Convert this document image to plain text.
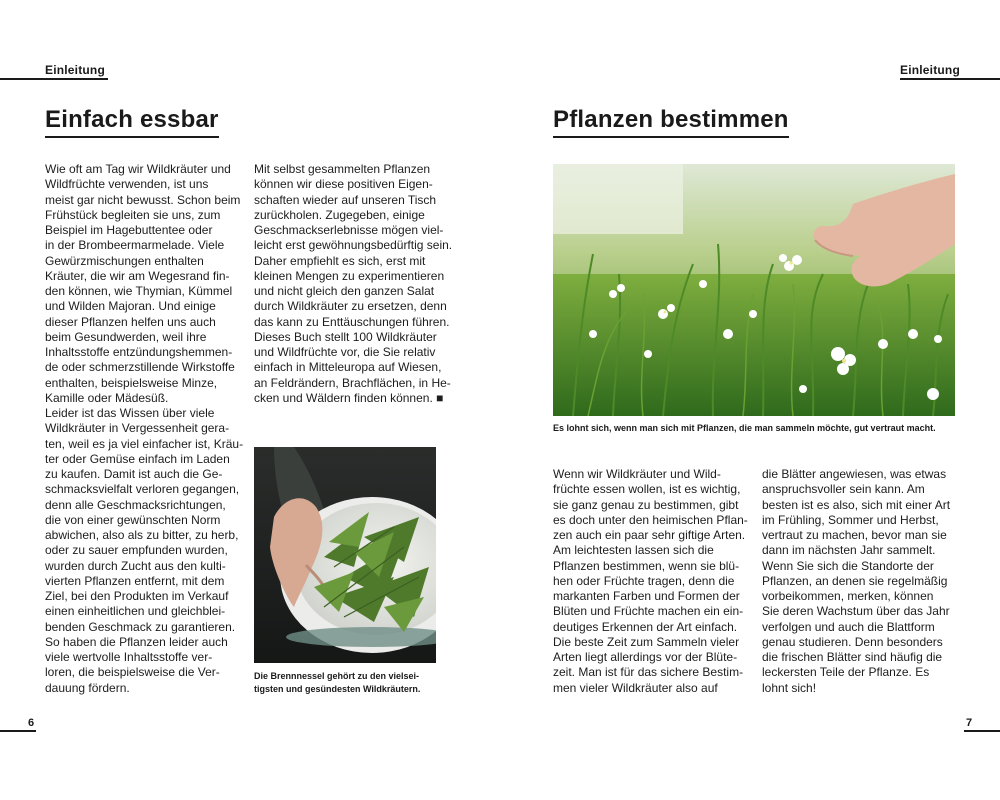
Einleitung
Einfach essbar
Wie oft am Tag wir Wildkräuter und
Wildfrüchte verwenden, ist uns
meist gar nicht bewusst. Schon beim
Frühstück begleiten sie uns, zum
Beispiel im Hagebuttentee oder
in der Brombeermarmelade. Viele
Gewürzmischungen enthalten
Kräuter, die wir am Wegesrand fin-
den können, wie Thymian, Kümmel
und Wilden Majoran. Und einige
dieser Pflanzen helfen uns auch
beim Gesundwerden, weil ihre
Inhaltsstoffe entzündungshemmen-
de oder schmerzstillende Wirkstoffe
enthalten, beispielsweise Minze,
Kamille oder Mädesüß.
Leider ist das Wissen über viele
Wildkräuter in Vergessenheit gera-
ten, weil es ja viel einfacher ist, Kräu-
ter oder Gemüse einfach im Laden
zu kaufen. Damit ist auch die Ge-
schmacksvielfalt verloren gegangen,
denn alle Geschmacksrichtungen,
die von einer gewünschten Norm
abwichen, also als zu bitter, zu herb,
oder zu sauer empfunden wurden,
wurden durch Zucht aus den kulti-
vierten Pflanzen entfernt, mit dem
Ziel, bei den Produkten im Verkauf
einen einheitlichen und gleichblei-
benden Geschmack zu garantieren.
So haben die Pflanzen leider auch
viele wertvolle Inhaltsstoffe ver-
loren, die beispielsweise die Ver-
dauung fördern.
Mit selbst gesammelten Pflanzen
können wir diese positiven Eigen-
schaften wieder auf unseren Tisch
zurückholen. Zugegeben, einige
Geschmackserlebnisse mögen viel-
leicht erst gewöhnungsbedürftig sein.
Daher empfiehlt es sich, erst mit
kleinen Mengen zu experimentieren
und nicht gleich den ganzen Salat
durch Wildkräuter zu ersetzen, denn
das kann zu Enttäuschungen führen.
Dieses Buch stellt 100 Wildkräuter
und Wildfrüchte vor, die Sie relativ
einfach in Mitteleuropa auf Wiesen,
an Feldrändern, Brachflächen, in He-
cken und Wäldern finden können. ■
Die Brennnessel gehört zu den vielsei-
tigsten und gesündesten Wildkräutern.
6
Einleitung
Pflanzen bestimmen
Es lohnt sich, wenn man sich mit Pflanzen, die man sammeln möchte, gut vertraut macht.
Wenn wir Wildkräuter und Wild-
früchte essen wollen, ist es wichtig,
sie ganz genau zu bestimmen, gibt
es doch unter den heimischen Pflan-
zen auch ein paar sehr giftige Arten.
Am leichtesten lassen sich die
Pflanzen bestimmen, wenn sie blü-
hen oder Früchte tragen, denn die
markanten Farben und Formen der
Blüten und Früchte machen ein ein-
deutiges Erkennen der Art einfach.
Die beste Zeit zum Sammeln vieler
Arten liegt allerdings vor der Blüte-
zeit. Man ist für das sichere Bestim-
men vieler Wildkräuter also auf
die Blätter angewiesen, was etwas
anspruchsvoller sein kann. Am
besten ist es also, sich mit einer Art
im Frühling, Sommer und Herbst,
vertraut zu machen, bevor man sie
dann im nächsten Jahr sammelt.
Wenn Sie sich die Standorte der
Pflanzen, an denen sie regelmäßig
vorbeikommen, merken, können
Sie deren Wachstum über das Jahr
verfolgen und auch die Blattform
genau studieren. Denn besonders
die frischen Blätter sind häufig die
leckersten Teile der Pflanze. Es
lohnt sich!
7
